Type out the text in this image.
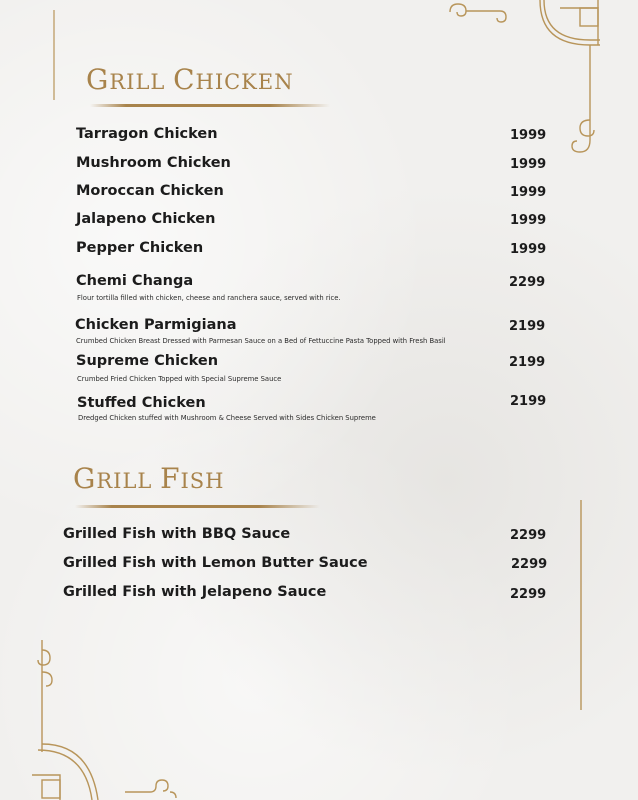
GRILL CHICKEN
Tarragon Chicken	1999
Mushroom Chicken	1999
Moroccan Chicken	1999
Jalapeno Chicken	1999
Pepper Chicken	1999
Chemi Changa	2299
Flour tortilla filled with chicken, cheese and ranchera sauce, served with rice.
Chicken Parmigiana	2199
Crumbed Chicken Breast Dressed with Parmesan Sauce on a Bed of Fettuccine Pasta Topped with Fresh Basil
Supreme Chicken	2199
Crumbed Fried Chicken Topped with Special Supreme Sauce
Stuffed Chicken	2199
Dredged Chicken stuffed with Mushroom & Cheese Served with Sides Chicken Supreme
GRILL FISH
Grilled Fish with BBQ Sauce	2299
Grilled Fish with Lemon Butter Sauce	2299
Grilled Fish with Jelapeno Sauce	2299
